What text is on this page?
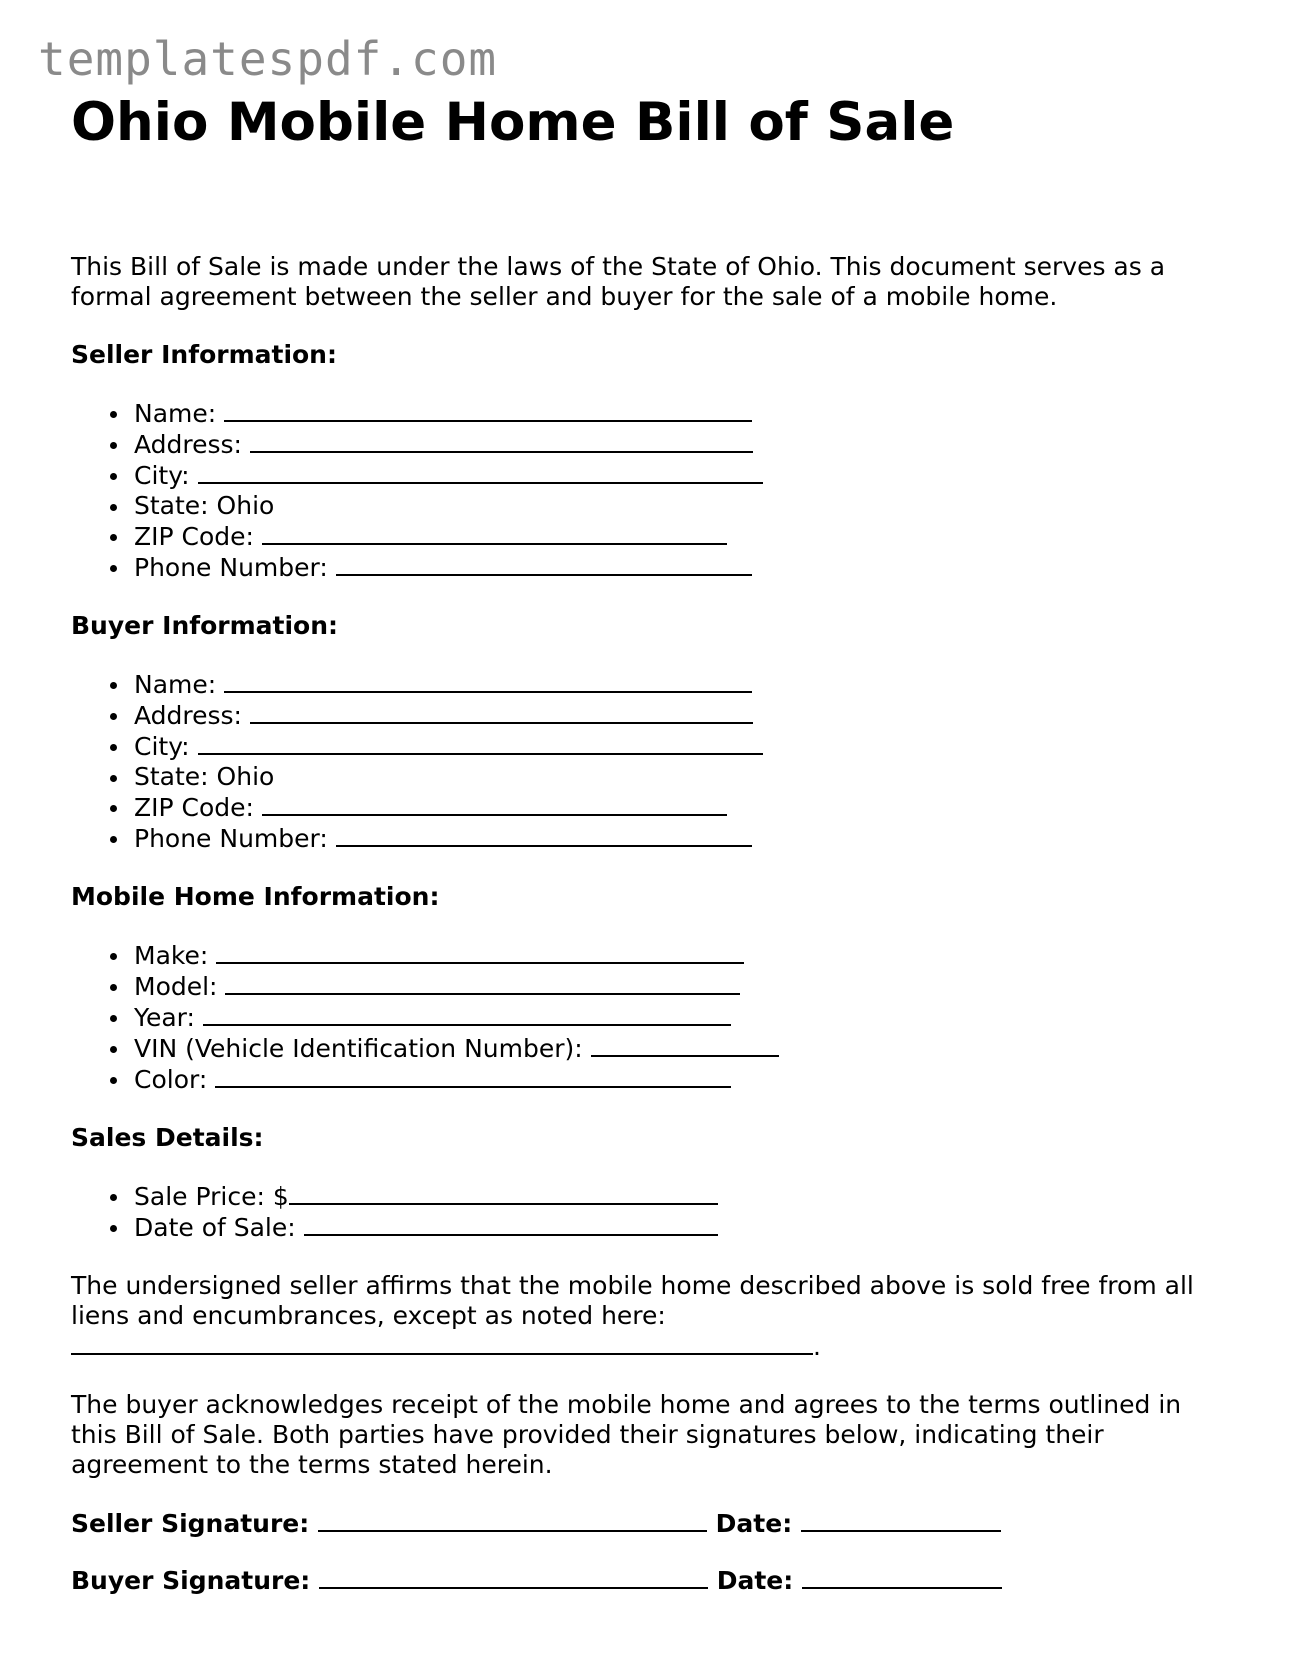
templatespdf.com
Ohio Mobile Home Bill of Sale

This Bill of Sale is made under the laws of the State of Ohio. This document serves as a formal agreement between the seller and buyer for the sale of a mobile home.

Seller Information:
Name:
Address:
City:
State: Ohio
ZIP Code:
Phone Number:
Buyer Information:
Name:
Address:
City:
State: Ohio
ZIP Code:
Phone Number:
Mobile Home Information:
Make:
Model:
Year:
VIN (Vehicle Identification Number):
Color:
Sales Details:
Sale Price: $
Date of Sale:

The undersigned seller affirms that the mobile home described above is sold free from all liens and encumbrances, except as noted here:
.

The buyer acknowledges receipt of the mobile home and agrees to the terms outlined in this Bill of Sale. Both parties have provided their signatures below, indicating their agreement to the terms stated herein.

Seller Signature:	Date:
Buyer Signature:	Date:
